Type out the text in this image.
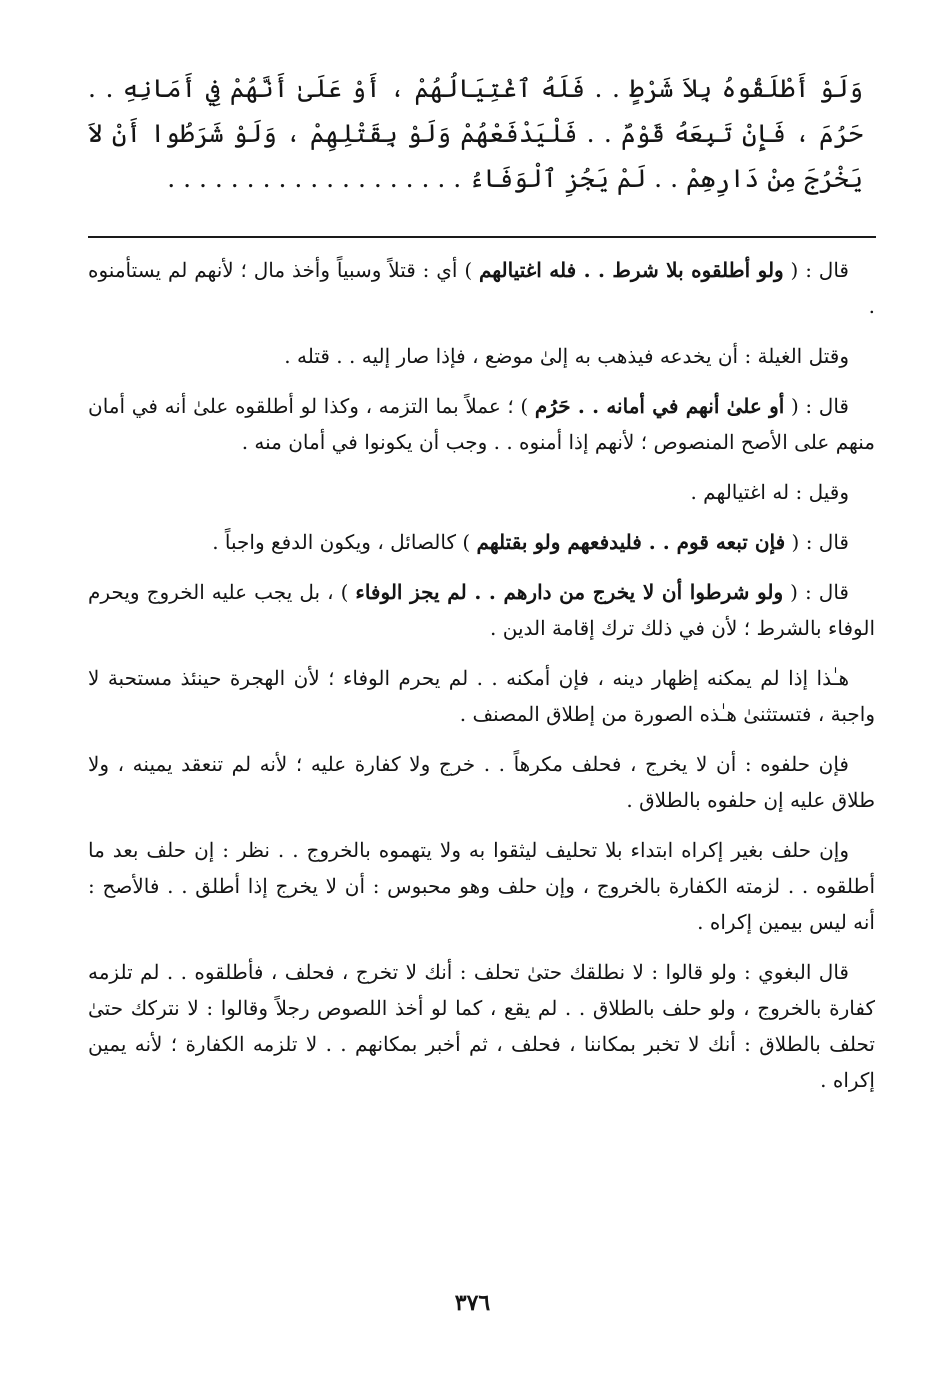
وَلَوْ أَطْلَقُوهُ بِلاَ شَرْطٍ . . فَلَهُ ٱغْتِيَالُهُمْ ، أَوْ عَلَىٰ أَنَّهُمْ فِي أَمَانِهِ . . حَرُمَ ، فَإِنْ تَبِعَهُ قَوْمٌ . . فَلْيَدْفَعْهُمْ وَلَوْ بِقَتْلِهِمْ ، وَلَوْ شَرَطُوا أَنْ لاَ يَخْرُجَ مِنْ دَارِهِمْ . . لَمْ يَجُزِ ٱلْوَفَاءُ . . . . . . . . . . . . . . . . . . .

قال : ( ولو أطلقوه بلا شرط . . فله اغتيالهم ) أي : قتلاً وسبياً وأخذ مال ؛ لأنهم لم يستأمنوه .

وقتل الغيلة : أن يخدعه فيذهب به إلىٰ موضع ، فإذا صار إليه . . قتله .

قال : ( أو علىٰ أنهم في أمانه . . حَرُم ) ؛ عملاً بما التزمه ، وكذا لو أطلقوه علىٰ أنه في أمان منهم على الأصح المنصوص ؛ لأنهم إذا أمنوه . . وجب أن يكونوا في أمان منه .

وقيل : له اغتيالهم .

قال : ( فإن تبعه قوم . . فليدفعهم ولو بقتلهم ) كالصائل ، ويكون الدفع واجباً .

قال : ( ولو شرطوا أن لا يخرج من دارهم . . لم يجز الوفاء ) ، بل يجب عليه الخروج ويحرم الوفاء بالشرط ؛ لأن في ذلك ترك إقامة الدين .

هـٰذا إذا لم يمكنه إظهار دينه ، فإن أمكنه . . لم يحرم الوفاء ؛ لأن الهجرة حينئذ مستحبة لا واجبة ، فتستثنىٰ هـٰذه الصورة من إطلاق المصنف .

فإن حلفوه : أن لا يخرج ، فحلف مكرهاً . . خرج ولا كفارة عليه ؛ لأنه لم تنعقد يمينه ، ولا طلاق عليه إن حلفوه بالطلاق .

وإن حلف بغير إكراه ابتداء بلا تحليف ليثقوا به ولا يتهموه بالخروج . . نظر : إن حلف بعد ما أطلقوه . . لزمته الكفارة بالخروج ، وإن حلف وهو محبوس : أن لا يخرج إذا أطلق . . فالأصح : أنه ليس بيمين إكراه .

قال البغوي : ولو قالوا : لا نطلقك حتىٰ تحلف : أنك لا تخرج ، فحلف ، فأطلقوه . . لم تلزمه كفارة بالخروج ، ولو حلف بالطلاق . . لم يقع ، كما لو أخذ اللصوص رجلاً وقالوا : لا نتركك حتىٰ تحلف بالطلاق : أنك لا تخبر بمكاننا ، فحلف ، ثم أخبر بمكانهم . . لا تلزمه الكفارة ؛ لأنه يمين إكراه .

٣٧٦
